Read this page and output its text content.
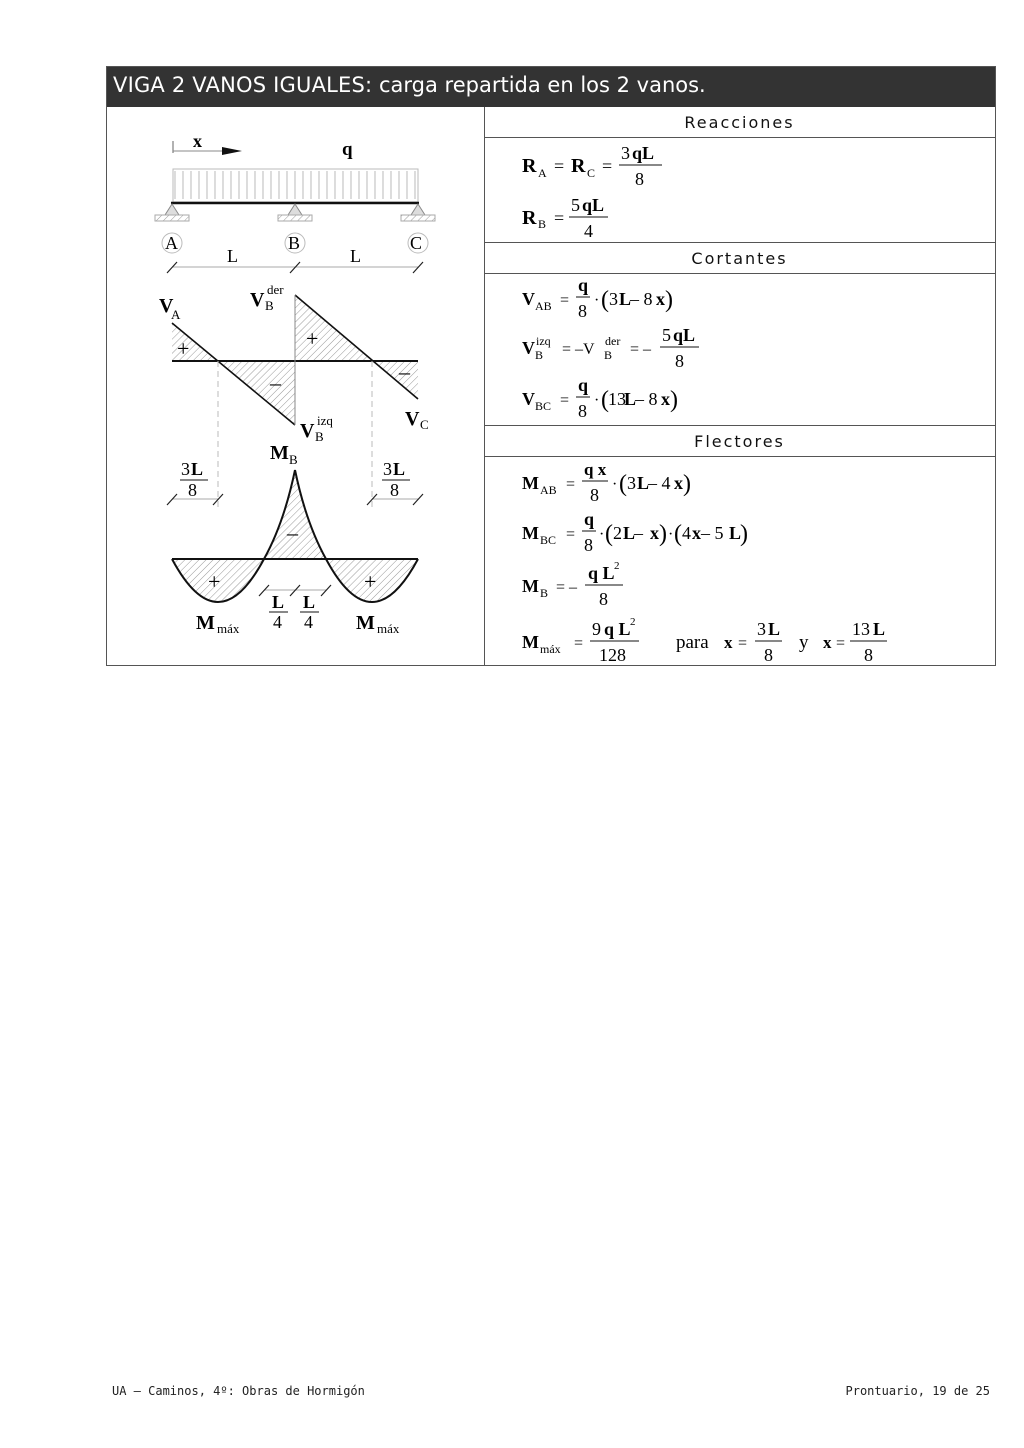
VIGA 2 VANOS IGUALES: carga repartida en los 2 vanos.
x	q
A	B	C
L	L
V
A
V B
der
V B
izq	V C
+	+
–	–
M B
3 L
8
3 L
8
+	+
–
L
4
L
4
M máx	M máx
Reacciones
Cortantes
Flectores
R A = R C =
3 qL
8
R B =
5 qL
4
V AB =
q
8
· ( 3 L
– 8 x )
V B
izq = –V B
der = –
5 qL
8
V BC =
q
8
· ( 13
L
– 8 x )
M AB =
q x
8
· ( 3 L
– 4 x )
M BC =
q
8
· ( 2 L
– x ) · ( 4 x – 5 L
)
M B = –
q L 2
8
M máx =
9 q L 2
128
para x =
3 L
8
y x =
13 L
8
UA – Caminos, 4º: Obras de Hormigón	Prontuario, 19 de 25
